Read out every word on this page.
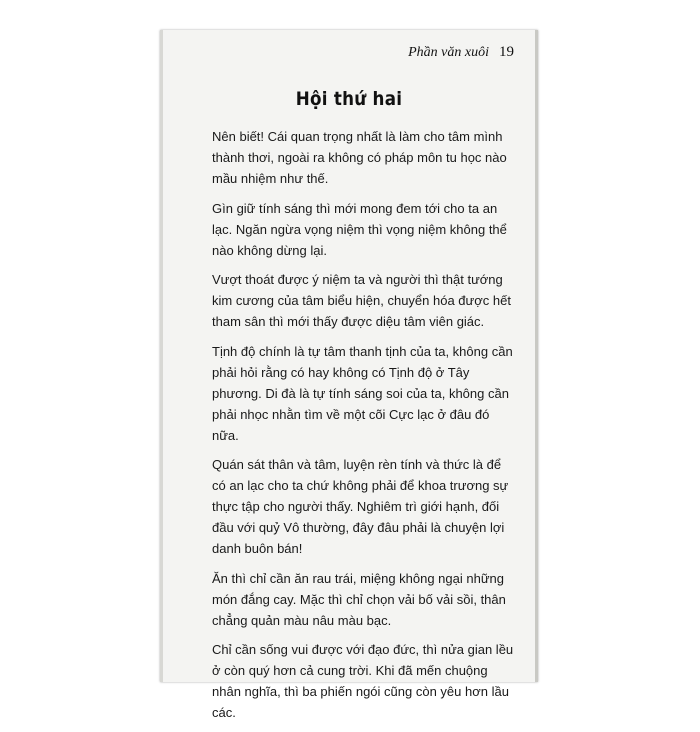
Phần văn xuôi 19
Hội thứ hai

Nên biết! Cái quan trọng nhất là làm cho tâm mình thành thơi, ngoài ra không có pháp môn tu học nào mầu nhiệm như thế.

Gìn giữ tính sáng thì mới mong đem tới cho ta an lạc. Ngăn ngừa vọng niệm thì vọng niệm không thể nào không dừng lại.

Vượt thoát được ý niệm ta và người thì thật tướng kim cương của tâm biểu hiện, chuyển hóa được hết tham sân thì mới thấy được diệu tâm viên giác.

Tịnh độ chính là tự tâm thanh tịnh của ta, không cần phải hỏi rằng có hay không có Tịnh độ ở Tây phương. Di đà là tự tính sáng soi của ta, không cần phải nhọc nhằn tìm về một cõi Cực lạc ở đâu đó nữa.

Quán sát thân và tâm, luyện rèn tính và thức là để có an lạc cho ta chứ không phải để khoa trương sự thực tập cho người thấy. Nghiêm trì giới hạnh, đối đầu với quỷ Vô thường, đây đâu phải là chuyện lợi danh buôn bán!

Ăn thì chỉ cần ăn rau trái, miệng không ngại những món đắng cay. Mặc thì chỉ chọn vải bố vải sồi, thân chẳng quản màu nâu màu bạc.

Chỉ cần sống vui được với đạo đức, thì nửa gian lều ở còn quý hơn cả cung trời. Khi đã mến chuộng nhân nghĩa, thì ba phiến ngói cũng còn yêu hơn lầu các.
